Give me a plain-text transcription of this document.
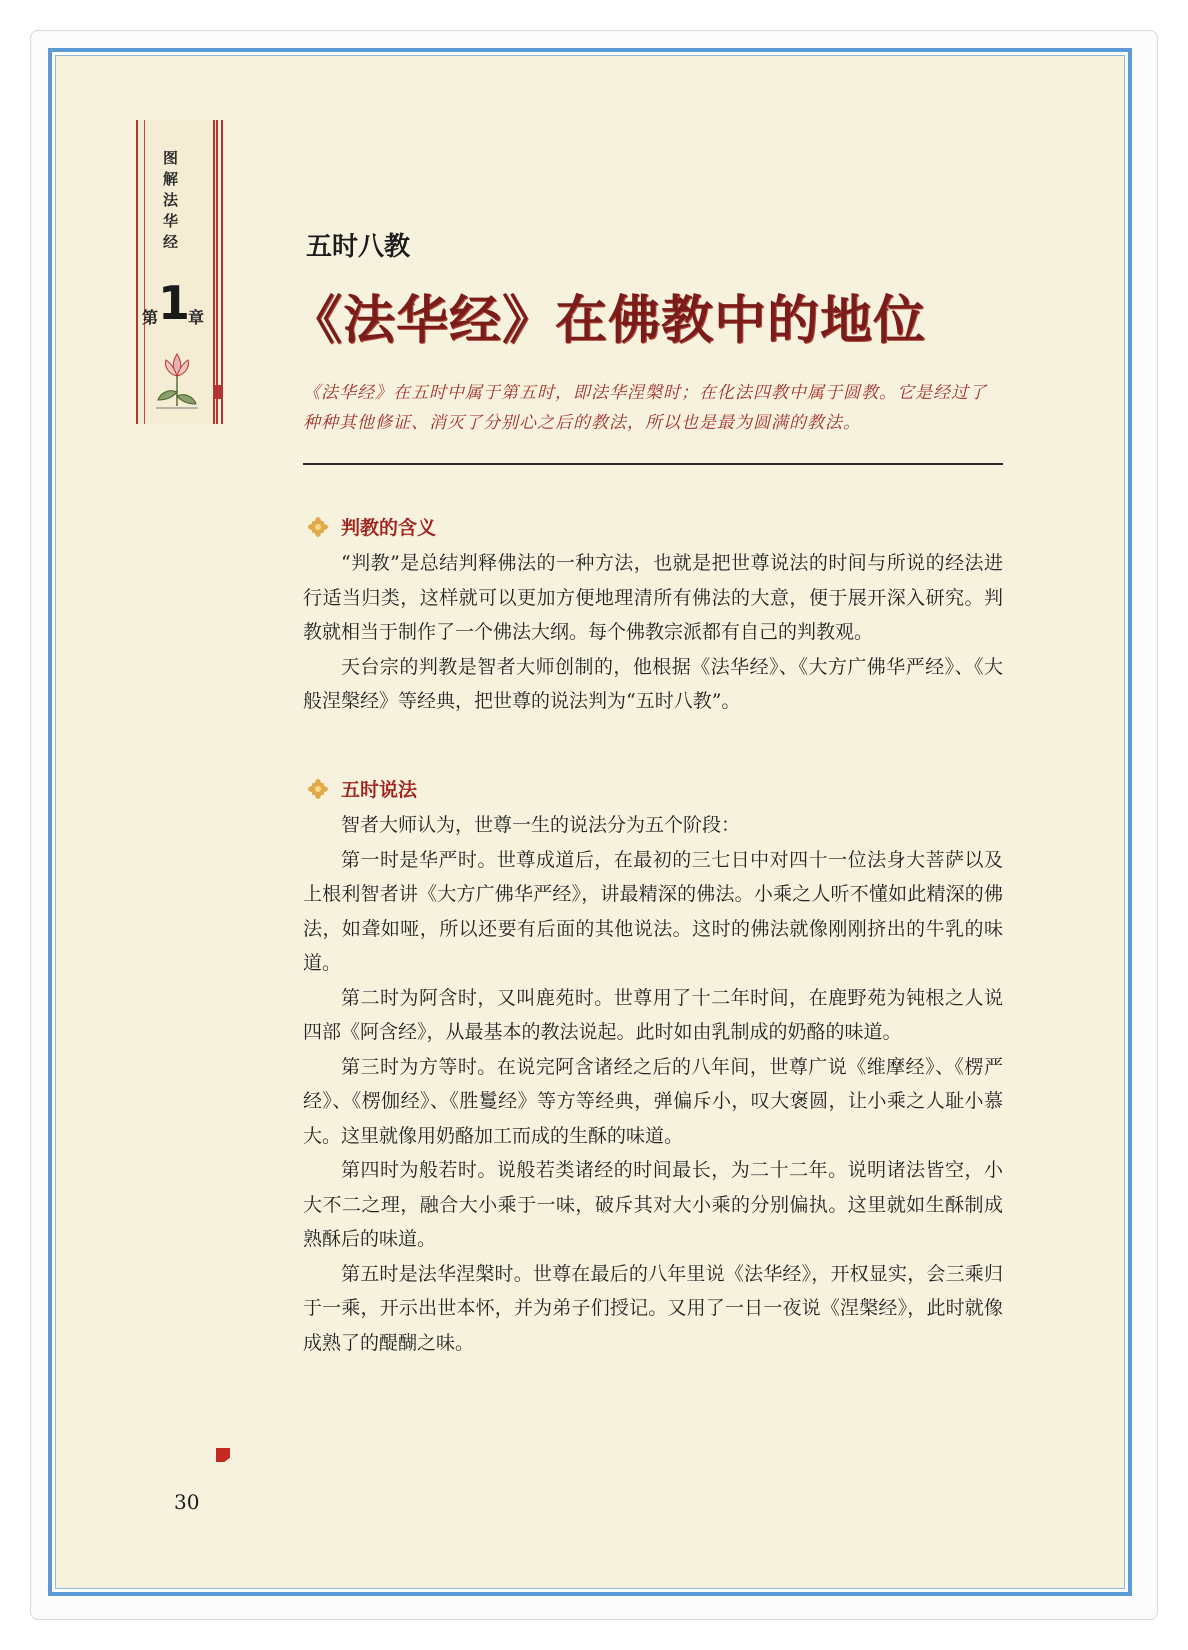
图解法华经
第 1
章
五时八教
《法华经》在佛教中的地位
《法华经》在五时中属于第五时，即法华涅槃时；在化法四教中属于圆教。它是经过了种种其他修证、消灭了分别心之后的教法，所以也是最为圆满的教法。
判教的含义

“判教”是总结判释佛法的一种方法，也就是把世尊说法的时间与所说的经法进行适当归类，这样就可以更加方便地理清所有佛法的大意，便于展开深入研究。判教就相当于制作了一个佛法大纲。每个佛教宗派都有自己的判教观。

天台宗的判教是智者大师创制的，他根据《法华经》、《大方广佛华严经》、《大般涅槃经》等经典，把世尊的说法判为“五时八教”。

五时说法

智者大师认为，世尊一生的说法分为五个阶段：

第一时是华严时。世尊成道后，在最初的三七日中对四十一位法身大菩萨以及上根利智者讲《大方广佛华严经》，讲最精深的佛法。小乘之人听不懂如此精深的佛法，如聋如哑，所以还要有后面的其他说法。这时的佛法就像刚刚挤出的牛乳的味道。

第二时为阿含时，又叫鹿苑时。世尊用了十二年时间，在鹿野苑为钝根之人说四部《阿含经》，从最基本的教法说起。此时如由乳制成的奶酪的味道。

第三时为方等时。在说完阿含诸经之后的八年间，世尊广说《维摩经》、《楞严经》、《楞伽经》、《胜鬘经》等方等经典，弹偏斥小，叹大褒圆，让小乘之人耻小慕大。这里就像用奶酪加工而成的生酥的味道。

第四时为般若时。说般若类诸经的时间最长，为二十二年。说明诸法皆空，小大不二之理，融合大小乘于一味，破斥其对大小乘的分别偏执。这里就如生酥制成熟酥后的味道。

第五时是法华涅槃时。世尊在最后的八年里说《法华经》，开权显实，会三乘归于一乘，开示出世本怀，并为弟子们授记。又用了一日一夜说《涅槃经》，此时就像成熟了的醍醐之味。

30
